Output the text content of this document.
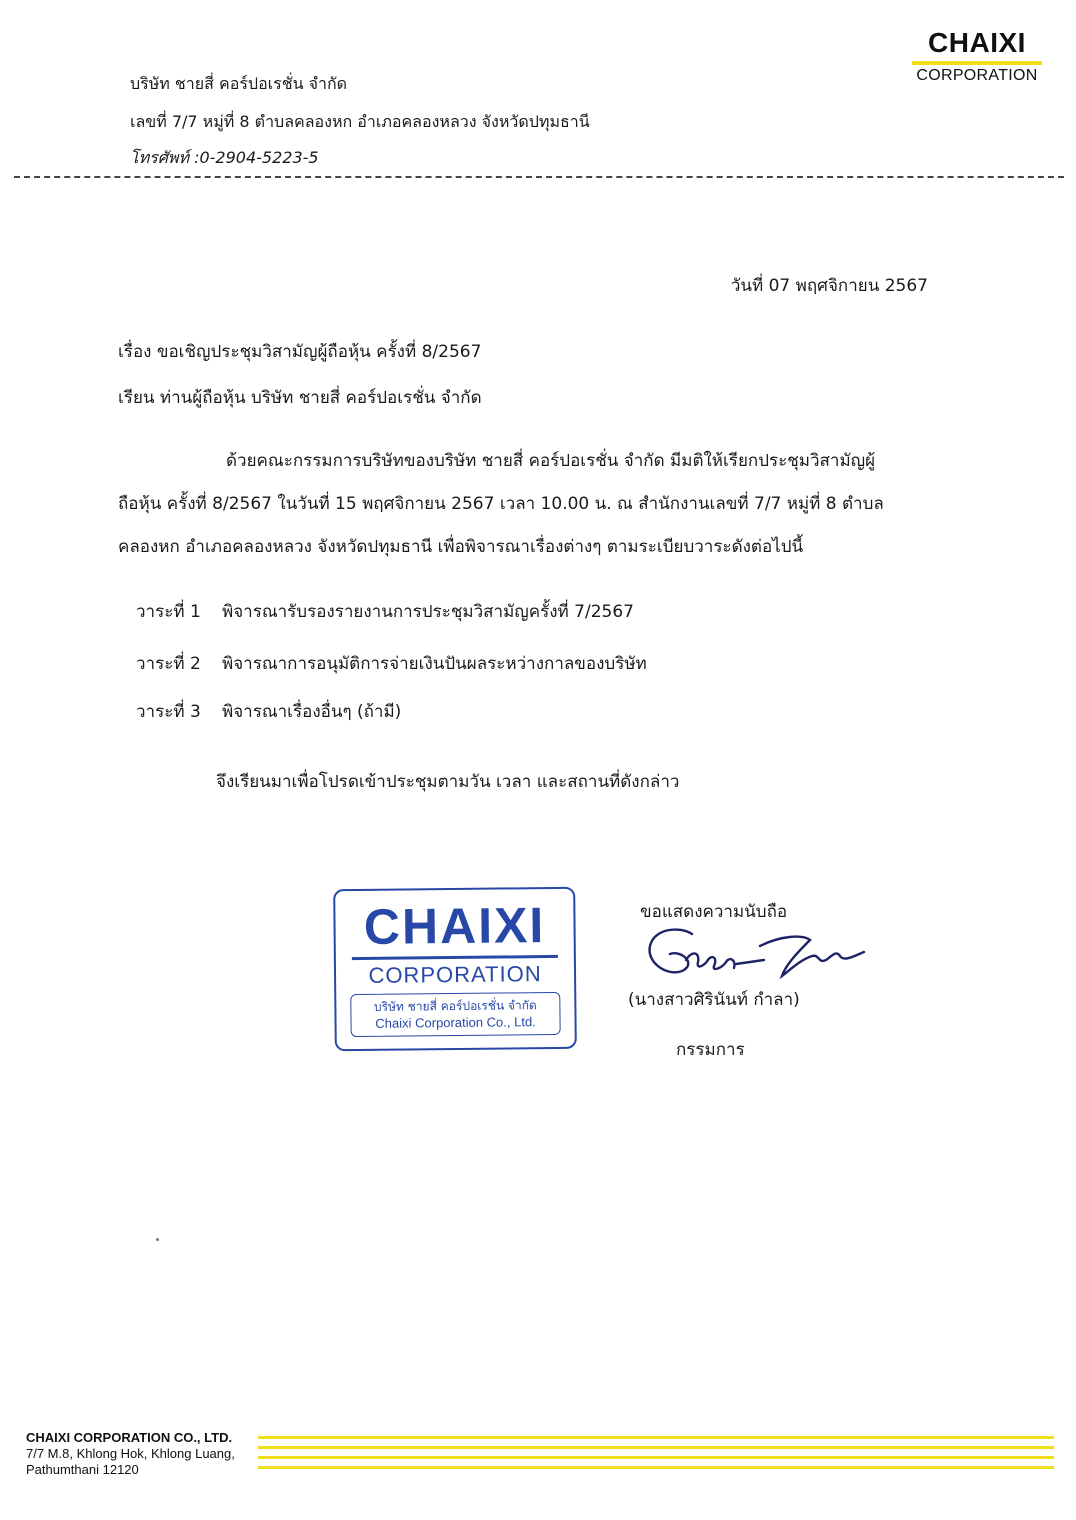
บริษัท ชายสี่ คอร์ปอเรชั่น จำกัด
เลขที่ 7/7 หมู่ที่ 8 ตำบลคลองหก อำเภอคลองหลวง จังหวัดปทุมธานี
โทรศัพท์ :0-2904-5223-5
CHAIXI
CORPORATION
วันที่ 07 พฤศจิกายน 2567
เรื่อง ขอเชิญประชุมวิสามัญผู้ถือหุ้น ครั้งที่ 8/2567
เรียน ท่านผู้ถือหุ้น บริษัท ชายสี่ คอร์ปอเรชั่น จำกัด
ด้วยคณะกรรมการบริษัทของบริษัท ชายสี่ คอร์ปอเรชั่น จำกัด มีมติให้เรียกประชุมวิสามัญผู้
ถือหุ้น ครั้งที่ 8/2567 ในวันที่ 15 พฤศจิกายน 2567 เวลา 10.00 น. ณ สำนักงานเลขที่ 7/7 หมู่ที่ 8 ตำบล
คลองหก อำเภอคลองหลวง จังหวัดปทุมธานี เพื่อพิจารณาเรื่องต่างๆ ตามระเบียบวาระดังต่อไปนี้
วาระที่ 1 พิจารณารับรองรายงานการประชุมวิสามัญครั้งที่ 7/2567
วาระที่ 2 พิจารณาการอนุมัติการจ่ายเงินปันผลระหว่างกาลของบริษัท
วาระที่ 3 พิจารณาเรื่องอื่นๆ (ถ้ามี)
จึงเรียนมาเพื่อโปรดเข้าประชุมตามวัน เวลา และสถานที่ดังกล่าว
CHAIXI
CORPORATION
บริษัท ชายสี่ คอร์ปอเรชั่น จำกัด
Chaixi Corporation Co., Ltd.
ขอแสดงความนับถือ
(นางสาวศิรินันท์ กำลา)
กรรมการ
CHAIXI CORPORATION CO., LTD.
7/7 M.8, Khlong Hok, Khlong Luang,
Pathumthani 12120
